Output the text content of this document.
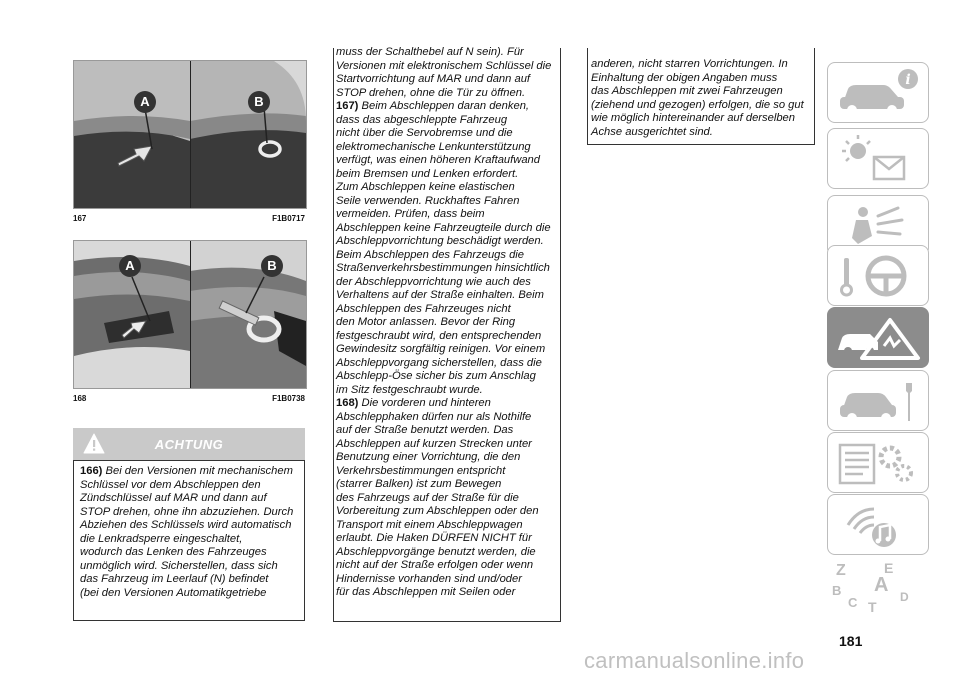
A	B
167	F1B0717
A	B
168	F1B0738
ACHTUNG
166) Bei den Versionen mit mechanischem
Schlüssel vor dem Abschleppen den
Zündschlüssel auf MAR und dann auf
STOP drehen, ohne ihn abzuziehen. Durch
Abziehen des Schlüssels wird automatisch
die Lenkradsperre eingeschaltet,
wodurch das Lenken des Fahrzeuges
unmöglich wird. Sicherstellen, dass sich
das Fahrzeug im Leerlauf (N) befindet
(bei den Versionen Automatikgetriebe
muss der Schalthebel auf N sein). Für
Versionen mit elektronischem Schlüssel die
Startvorrichtung auf MAR und dann auf
STOP drehen, ohne die Tür zu öffnen.
167) Beim Abschleppen daran denken,
dass das abgeschleppte Fahrzeug
nicht über die Servobremse und die
elektromechanische Lenkunterstützung
verfügt, was einen höheren Kraftaufwand
beim Bremsen und Lenken erfordert.
Zum Abschleppen keine elastischen
Seile verwenden. Ruckhaftes Fahren
vermeiden. Prüfen, dass beim
Abschleppen keine Fahrzeugteile durch die
Abschleppvorrichtung beschädigt werden.
Beim Abschleppen des Fahrzeugs die
Straßenverkehrsbestimmungen hinsichtlich
der Abschleppvorrichtung wie auch des
Verhaltens auf der Straße einhalten. Beim
Abschleppen des Fahrzeuges nicht
den Motor anlassen. Bevor der Ring
festgeschraubt wird, den entsprechenden
Gewindesitz sorgfältig reinigen. Vor einem
Abschleppvorgang sicherstellen, dass die
Abschlepp-Öse sicher bis zum Anschlag
im Sitz festgeschraubt wurde.
168) Die vorderen und hinteren
Abschlepphaken dürfen nur als Nothilfe
auf der Straße benutzt werden. Das
Abschleppen auf kurzen Strecken unter
Benutzung einer Vorrichtung, die den
Verkehrsbestimmungen entspricht
(starrer Balken) ist zum Bewegen
des Fahrzeugs auf der Straße für die
Vorbereitung zum Abschleppen oder den
Transport mit einem Abschleppwagen
erlaubt. Die Haken DÜRFEN NICHT für
Abschleppvorgänge benutzt werden, die
nicht auf der Straße erfolgen oder wenn
Hindernisse vorhanden sind und/oder
für das Abschleppen mit Seilen oder
anderen, nicht starren Vorrichtungen. In
Einhaltung der obigen Angaben muss
das Abschleppen mit zwei Fahrzeugen
(ziehend und gezogen) erfolgen, die so gut
wie möglich hintereinander auf derselben
Achse ausgerichtet sind.
i
Z	E
B A
C T
D
181
carmanualsonline.info
